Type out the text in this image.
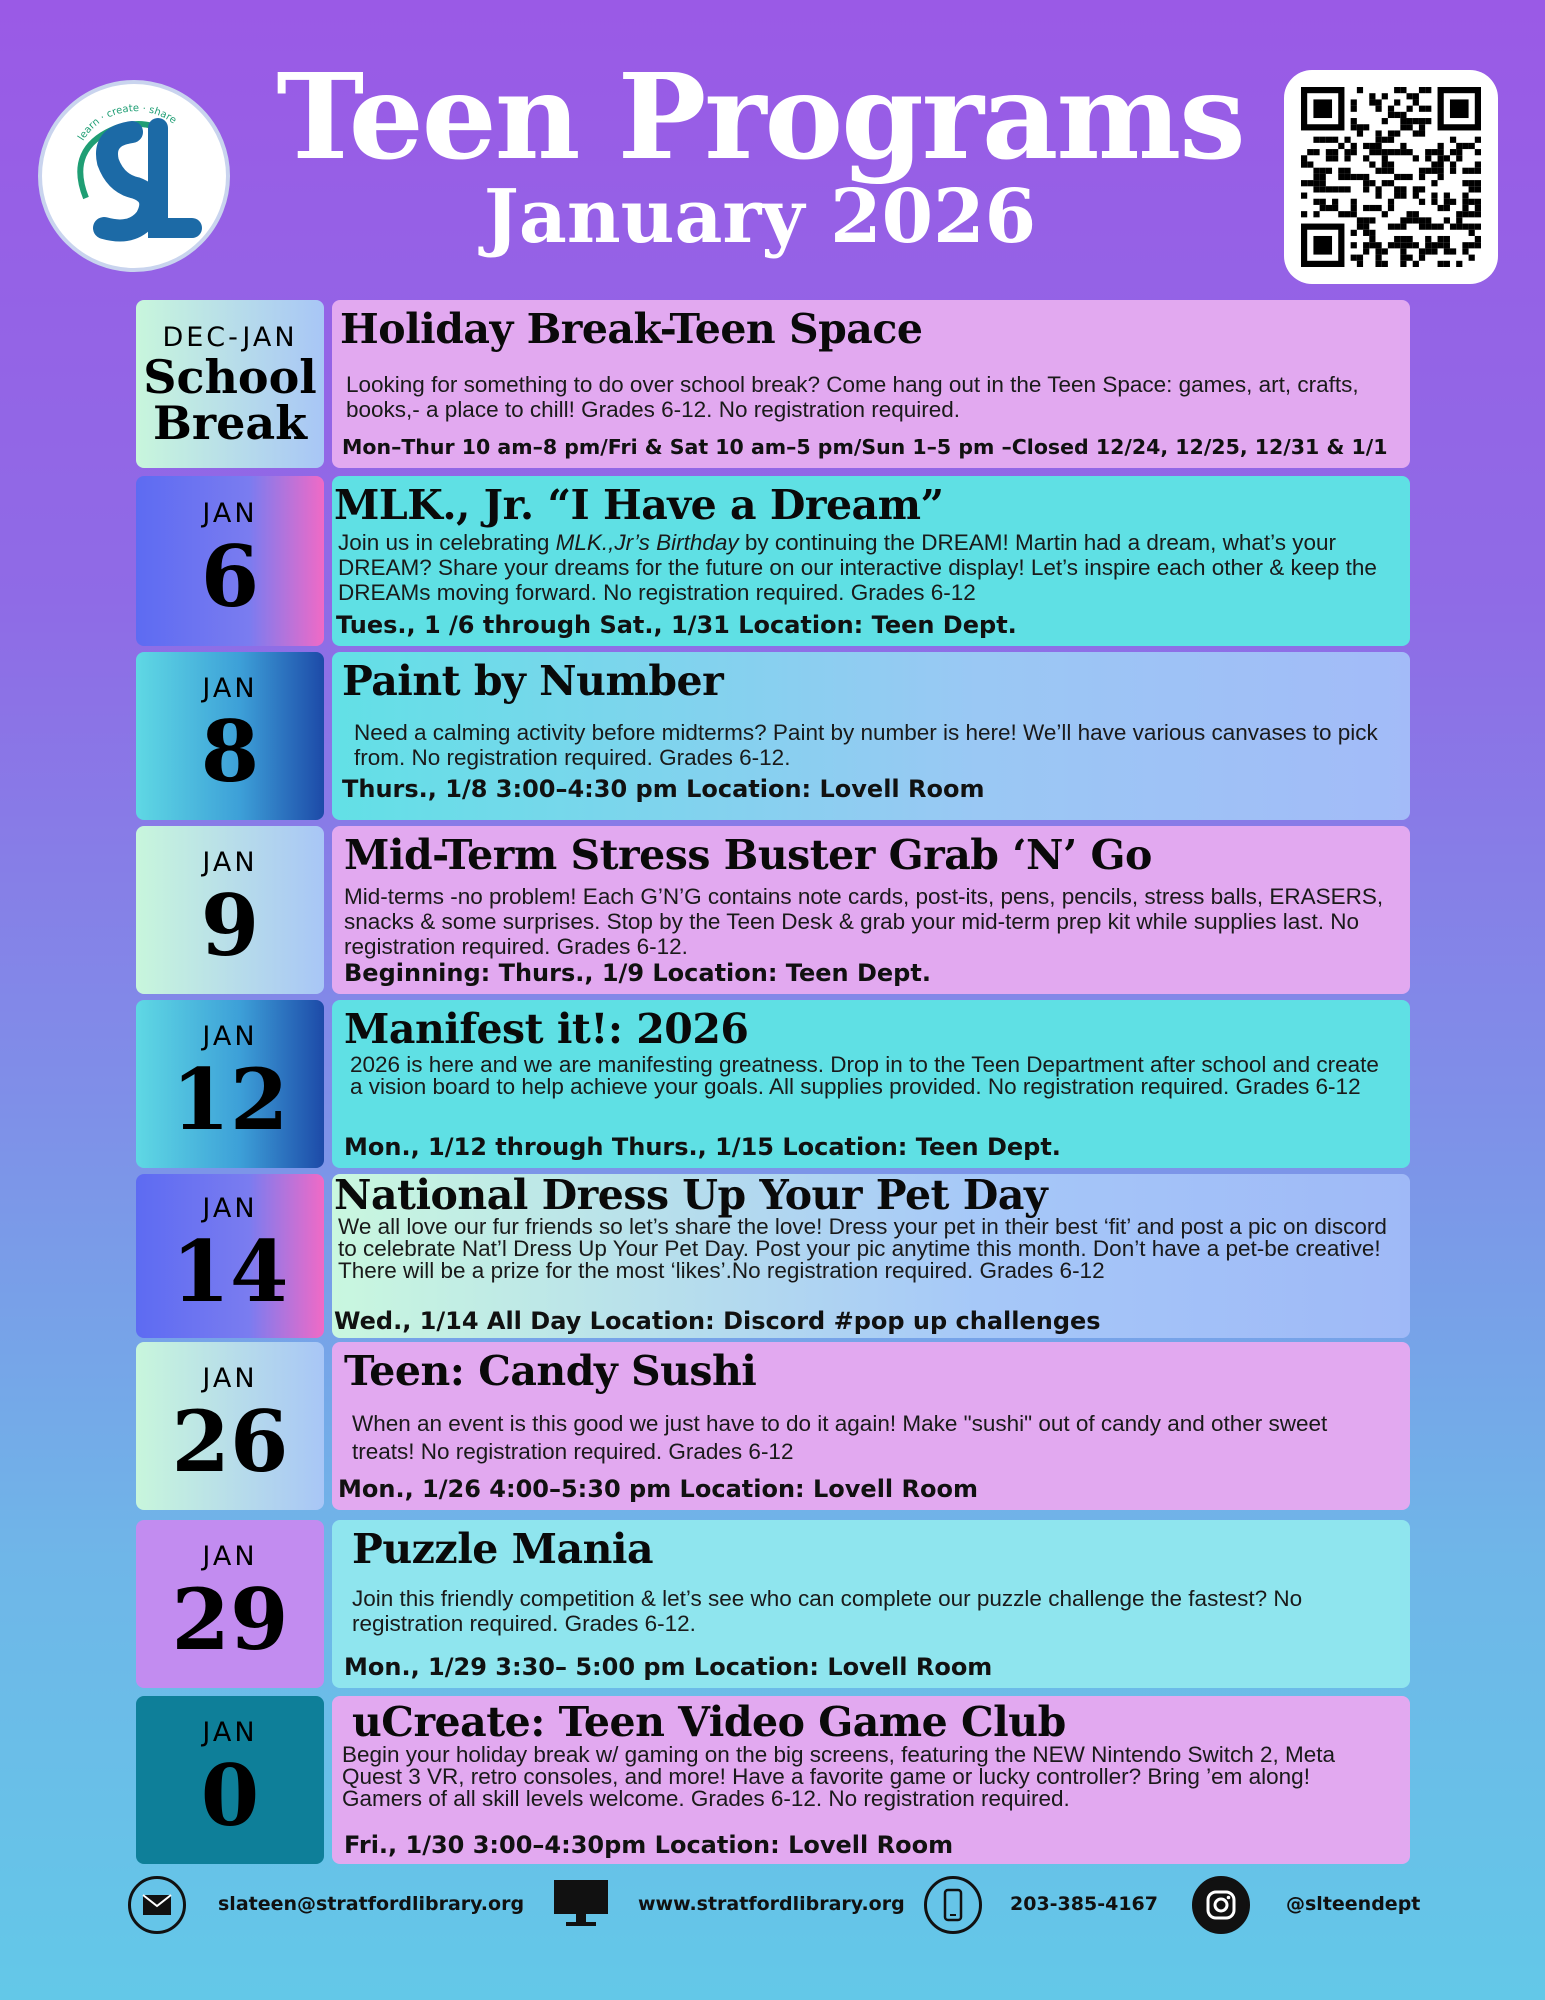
learn · create · share Teen Programs
January 2026
DEC-JAN
School
Break
Holiday Break-Teen Space
Looking for something to do over school break? Come hang out in the Teen Space: games, art, crafts, books,- a place to chill! Grades 6-12. No registration required.
Mon–Thur 10 am–8 pm/Fri & Sat 10 am–5 pm/Sun 1–5 pm –Closed 12/24, 12/25, 12/31 & 1/1
JAN
6
MLK., Jr. “I Have a Dream”
Join us in celebrating MLK.,Jr’s Birthday by continuing the DREAM! Martin had a dream, what’s your DREAM? Share your dreams for the future on our interactive display! Let’s inspire each other & keep the DREAMs moving forward. No registration required. Grades 6-12
Tues., 1 /6 through Sat., 1/31 Location: Teen Dept.
JAN
8
Paint by Number
Need a calming activity before midterms? Paint by number is here! We’ll have various canvases to pick from. No registration required. Grades 6-12.
Thurs., 1/8 3:00–4:30 pm Location: Lovell Room
JAN
9
Mid-Term Stress Buster Grab ‘N’ Go
Mid-terms -no problem! Each G’N’G contains note cards, post-its, pens, pencils, stress balls, ERASERS, snacks & some surprises. Stop by the Teen Desk & grab your mid-term prep kit while supplies last. No registration required. Grades 6-12.
Beginning: Thurs., 1/9 Location: Teen Dept.
JAN
12
Manifest it!: 2026
2026 is here and we are manifesting greatness. Drop in to the Teen Department after school and create a vision board to help achieve your goals. All supplies provided. No registration required. Grades 6-12
Mon., 1/12 through Thurs., 1/15 Location: Teen Dept.
JAN
14
National Dress Up Your Pet Day
We all love our fur friends so let’s share the love! Dress your pet in their best ‘fit’ and post a pic on discord to celebrate Nat’l Dress Up Your Pet Day. Post your pic anytime this month. Don’t have a pet-be creative! There will be a prize for the most ‘likes’.No registration required. Grades 6-12
Wed., 1/14 All Day Location: Discord #pop up challenges
JAN
26
Teen: Candy Sushi
When an event is this good we just have to do it again! Make "sushi" out of candy and other sweet treats! No registration required. Grades 6-12
Mon., 1/26 4:00–5:30 pm Location: Lovell Room
JAN
29
Puzzle Mania
Join this friendly competition & let’s see who can complete our puzzle challenge the fastest? No registration required. Grades 6-12.
Mon., 1/29 3:30– 5:00 pm Location: Lovell Room
JAN
0
uCreate: Teen Video Game Club
Begin your holiday break w/ gaming on the big screens, featuring the NEW Nintendo Switch 2, Meta Quest 3 VR, retro consoles, and more! Have a favorite game or lucky controller? Bring ’em along! Gamers of all skill levels welcome. Grades 6-12. No registration required.
Fri., 1/30 3:00–4:30pm Location: Lovell Room
slateen@stratfordlibrary.org	www.stratfordlibrary.org	203-385-4167	@slteendept
